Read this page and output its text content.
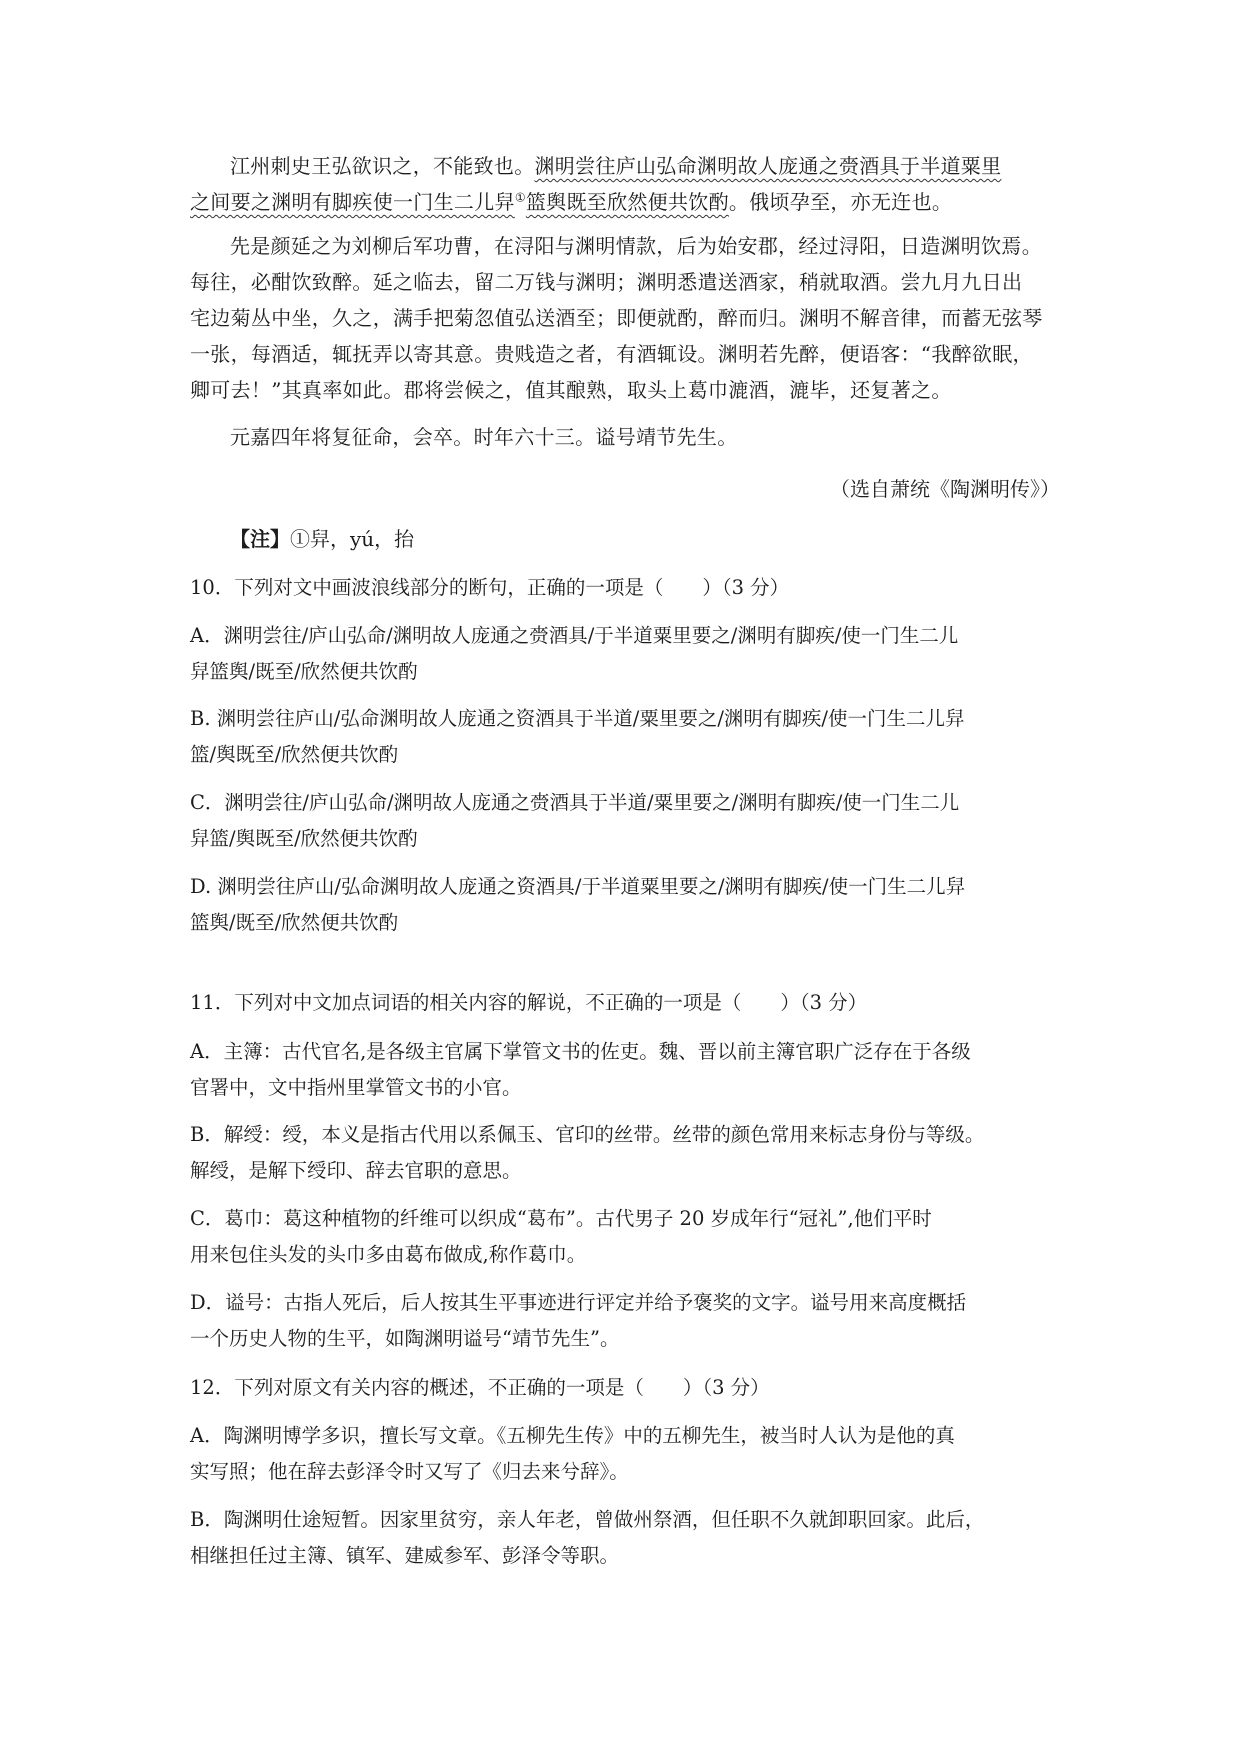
江州刺史王弘欲识之，不能致也。渊明尝往庐山弘命渊明故人庞通之赍酒具于半道粟里
之间要之渊明有脚疾使一门生二儿舁①篮舆既至欣然便共饮酌。俄顷孕至，亦无迕也。
先是颜延之为刘柳后军功曹，在浔阳与渊明情款，后为始安郡，经过浔阳，日造渊明饮焉。
每往，必酣饮致醉。延之临去，留二万钱与渊明；渊明悉遣送酒家，稍就取酒。尝九月九日出
宅边菊丛中坐，久之，满手把菊忽值弘送酒至；即便就酌，醉而归。渊明不解音律，而蓄无弦琴
一张，每酒适，辄抚弄以寄其意。贵贱造之者，有酒辄设。渊明若先醉，便语客：“我醉欲眠，
卿可去！”其真率如此。郡将尝候之，值其酿熟，取头上葛巾漉酒，漉毕，还复著之。
元嘉四年将复征命，会卒。时年六十三。谥号靖节先生。
（选自萧统《陶渊明传》）
【注】①舁，yú，抬
10．下列对文中画波浪线部分的断句，正确的一项是（　　）（3 分）
A．渊明尝往/庐山弘命/渊明故人庞通之赍酒具/于半道粟里要之/渊明有脚疾/使一门生二儿
舁篮舆/既至/欣然便共饮酌
B. 渊明尝往庐山/弘命渊明故人庞通之资酒具于半道/粟里要之/渊明有脚疾/使一门生二儿舁
篮/舆既至/欣然便共饮酌
C．渊明尝往/庐山弘命/渊明故人庞通之赍酒具于半道/粟里要之/渊明有脚疾/使一门生二儿
舁篮/舆既至/欣然便共饮酌
D. 渊明尝往庐山/弘命渊明故人庞通之资酒具/于半道粟里要之/渊明有脚疾/使一门生二儿舁
篮舆/既至/欣然便共饮酌
11．下列对中文加点词语的相关内容的解说，不正确的一项是（　　）（3 分）
A．主簿：古代官名,是各级主官属下掌管文书的佐吏。魏、晋以前主簿官职广泛存在于各级
官署中，文中指州里掌管文书的小官。
B．解绶：绶，本义是指古代用以系佩玉、官印的丝带。丝带的颜色常用来标志身份与等级。
解绶，是解下绶印、辞去官职的意思。
C．葛巾：葛这种植物的纤维可以织成“葛布”。古代男子 20 岁成年行“冠礼”,他们平时
用来包住头发的头巾多由葛布做成,称作葛巾。
D．谥号：古指人死后，后人按其生平事迹进行评定并给予褒奖的文字。谥号用来高度概括
一个历史人物的生平，如陶渊明谥号“靖节先生”。
12．下列对原文有关内容的概述，不正确的一项是（　　）（3 分）
A．陶渊明博学多识，擅长写文章。《五柳先生传》中的五柳先生，被当时人认为是他的真
实写照；他在辞去彭泽令时又写了《归去来兮辞》。
B．陶渊明仕途短暂。因家里贫穷，亲人年老，曾做州祭酒，但任职不久就卸职回家。此后，
相继担任过主簿、镇军、建威参军、彭泽令等职。
